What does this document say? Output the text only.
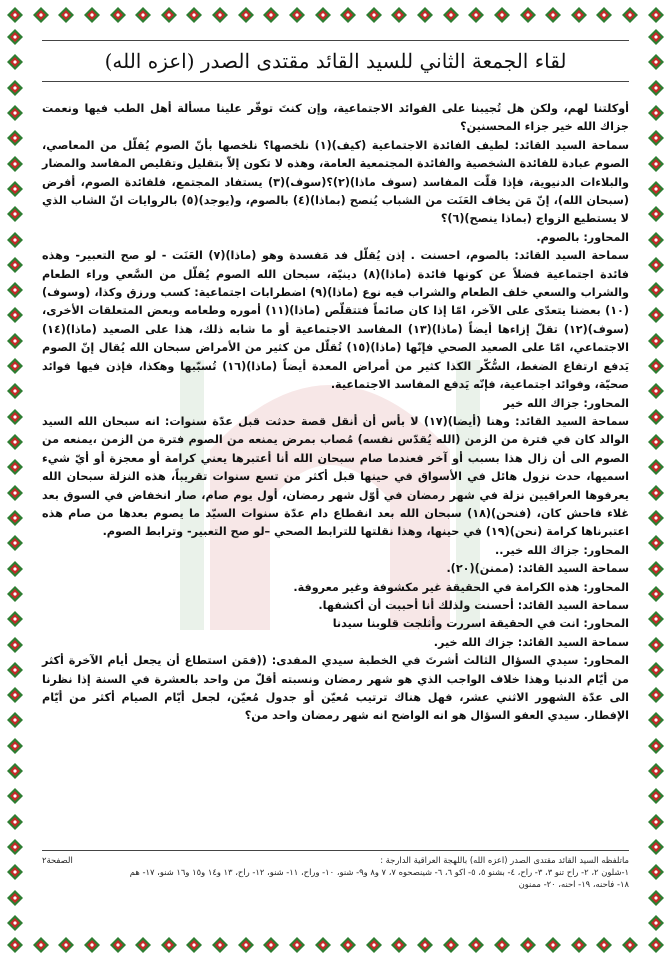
لقاء الجمعة الثاني للسيد القائد مقتدى الصدر (اعزه الله)

أوكلتنا لهم، ولكن هل تُجيبنا على الفوائد الاجتماعية، وإن كنتَ توفّر علينا مسألة أهل الطب فيها ونعمت جزاك الله خير جزاء المحسنين؟

سماحة السيد القائد: لطيف الفائدة الاجتماعية (كيف)(١) نلخصها؟ نلخصها بأنّ الصوم يُقلّل من المعاصي، الصوم عبادة للفائدة الشخصية والفائدة المجتمعية العامة، وهذه لا تكون إلاّ بتقليل وتقليص المفاسد والمضار والبلاءات الدنيوية، فإذا قلّت المفاسد (سوف ماذا)(٢)؟(سوف)(٣) يستفاد المجتمع، فلفائدة الصوم، أفرض (سبحان الله)، إنّ مَن يخاف العَنَت من الشباب يُنصح (بماذا)(٤) بالصوم، و(يوجد)(٥) بالروايات انّ الشاب الذي لا يستطيع الزواج (بماذا ينصح)(٦)؟

المحاور: بالصوم.

سماحة السيد القائد: بالصوم، احسنت . إذن يُقلّل فد مَفسدة وهو (ماذا)(٧) العَنَت - لو صح التعبير- وهذه فائدة اجتماعية فضلاً عن كونها فائدة (ماذا)(٨) دينيّة، سبحان الله الصوم يُقلّل من السَّعي وراء الطعام والشراب والسعي خلف الطعام والشراب فيه نوع (ماذا)(٩) اضطرابات اجتماعية: كسب ورزق وكذا، (وسوف)(١٠) بعضنا يتعدّى على الآخر، امّا إذا كان صائماً فتتقلّص (ماذا)(١١) أموره وطعامه وبعض المتعلقات الأخرى، (سوف)(١٢) تقلّ إزاءها أيضاً (ماذا)(١٣) المفاسد الاجتماعية أو ما شابه ذلك، هذا على الصعيد (ماذا)(١٤) الاجتماعي، امّا على الصعيد الصحي فإنّها (ماذا)(١٥) تُقلّل من كثير من الأمراض سبحان الله يُقال إنّ الصوم يَدفع ارتفاع الضغط، السُّكّر الكذا كثير من أمراض المعدة أيضاً (ماذا)(١٦) تُسبّبها وهكذا، فإذن فيها فوائد صحيّة، وفوائد اجتماعية، فإنّه يَدفع المفاسد الاجتماعية.

المحاور: جزاك الله خير

سماحة السيد القائد: وهنا (أيضا)(١٧) لا بأس أن أنقل قصة حدثت قبل عدّة سنوات: انه سبحان الله السيد الوالد كان في فترة من الزمن (الله يُقدّس نفسه) مُصاب بمرض يمنعه من الصوم فترة من الزمن ،يمنعه من الصوم الى أن زال هذا بسبب أو آخر فعندما صام سبحان الله أنا أعتبرها يعني كرامة أو معجزة أو أيّ شيء اسميها، حدث نزول هائل في الأسواق في حينها قبل أكثر من تسع سنوات تقريباً، هذه النزلة سبحان الله يعرفوها العراقيين نزلة في شهر رمضان في أوّل شهر رمضان، أول يوم صام، صار انخفاض في السوق بعد غلاء فاحش كان، (فنحن)(١٨) سبحان الله بعد انقطاع دام عدّة سنوات السيّد ما يصوم بعدها من صام هذه اعتبرناها كرامة (نحن)(١٩) في حينها، وهذا نقلتها للترابط الصحي –لو صح التعبير- وترابط الصوم.

المحاور: جزاك الله خير..

سماحة السيد القائد: (ممنن)(٢٠).

المحاور: هذه الكرامة في الحقيقة غير مكشوفة وغير معروفة.

سماحة السيد القائد: أحسنت ولذلك أنا أحببت أن أكشفها.

المحاور: انت في الحقيقة اسررت وأثلجت قلوبنا سيدنا

سماحة السيد القائد: جزاك الله خير.

المحاور: سيدي السؤال الثالث أشرتَ في الخطبة سيدي المفدى: ((فمَن استطاع أن يجعل أيام الآخرة أكثر من أيّام الدنيا وهذا خلاف الواجب الذي هو شهر رمضان ونسبته أقلّ من واحد بالعشرة في السنة إذا نظرنا الى عدّة الشهور الاثني عشر، فهل هناك ترتيب مُعيّن أو جدول مُعيّن، لجعل أيّام الصيام أكثر من أيّام الإفطار. سيدي العفو السؤال هو انه الواضح انه شهر رمضان واحد من؟

ماتلفظه السيد القائد مقتدى الصدر (اعزه الله) باللهجة العراقية الدارجة :
الصفحة٢
١-شلون ٢، ٢- راح تنو ٣، ٣- راح، ٤- بشنو ٥، ٥- اكو ٦، ٦- شينصحوه ٧، ٧ و٨ و٩- شنو، ١٠- وراح، ١١- شنو، ١٢- راح، ١٣ و١٤ و١٥ و١٦ شنو، ١٧- هم
١٨- فاحنه، ١٩- احنه، ٢٠- ممنون
